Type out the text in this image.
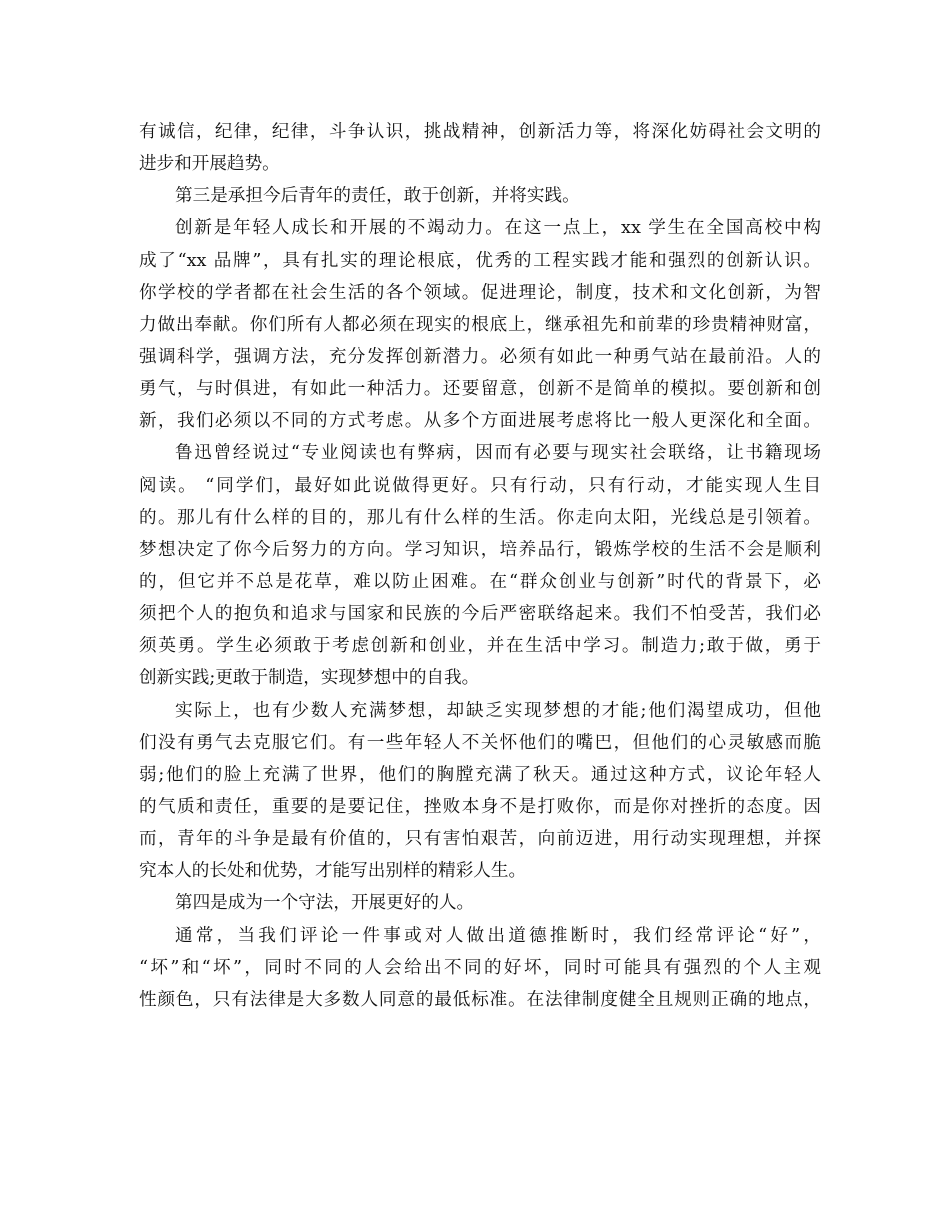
有诚信，纪律，纪律，斗争认识，挑战精神，创新活力等，将深化妨碍社会文明的
进步和开展趋势。
第三是承担今后青年的责任，敢于创新，并将实践。
创新是年轻人成长和开展的不竭动力。在这一点上，xx 学生在全国高校中构
成了“xx 品牌”，具有扎实的理论根底，优秀的工程实践才能和强烈的创新认识。
你学校的学者都在社会生活的各个领域。促进理论，制度，技术和文化创新，为智
力做出奉献。你们所有人都必须在现实的根底上，继承祖先和前辈的珍贵精神财富，
强调科学，强调方法，充分发挥创新潜力。必须有如此一种勇气站在最前沿。人的
勇气，与时俱进，有如此一种活力。还要留意，创新不是简单的模拟。要创新和创
新，我们必须以不同的方式考虑。从多个方面进展考虑将比一般人更深化和全面。
鲁迅曾经说过“专业阅读也有弊病，因而有必要与现实社会联络，让书籍现场
阅读。 “同学们，最好如此说做得更好。只有行动，只有行动，才能实现人生目
的。那儿有什么样的目的，那儿有什么样的生活。你走向太阳，光线总是引领着。
梦想决定了你今后努力的方向。学习知识，培养品行，锻炼学校的生活不会是顺利
的，但它并不总是花草，难以防止困难。在“群众创业与创新”时代的背景下，必
须把个人的抱负和追求与国家和民族的今后严密联络起来。我们不怕受苦，我们必
须英勇。学生必须敢于考虑创新和创业，并在生活中学习。制造力;敢于做，勇于
创新实践;更敢于制造，实现梦想中的自我。
实际上，也有少数人充满梦想，却缺乏实现梦想的才能;他们渴望成功，但他
们没有勇气去克服它们。有一些年轻人不关怀他们的嘴巴，但他们的心灵敏感而脆
弱;他们的脸上充满了世界，他们的胸膛充满了秋天。通过这种方式，议论年轻人
的气质和责任，重要的是要记住，挫败本身不是打败你，而是你对挫折的态度。因
而，青年的斗争是最有价值的，只有害怕艰苦，向前迈进，用行动实现理想，并探
究本人的长处和优势，才能写出别样的精彩人生。
第四是成为一个守法，开展更好的人。
通常，当我们评论一件事或对人做出道德推断时，我们经常评论“好”，
“坏”和“坏”，同时不同的人会给出不同的好坏，同时可能具有强烈的个人主观
性颜色，只有法律是大多数人同意的最低标准。在法律制度健全且规则正确的地点，
